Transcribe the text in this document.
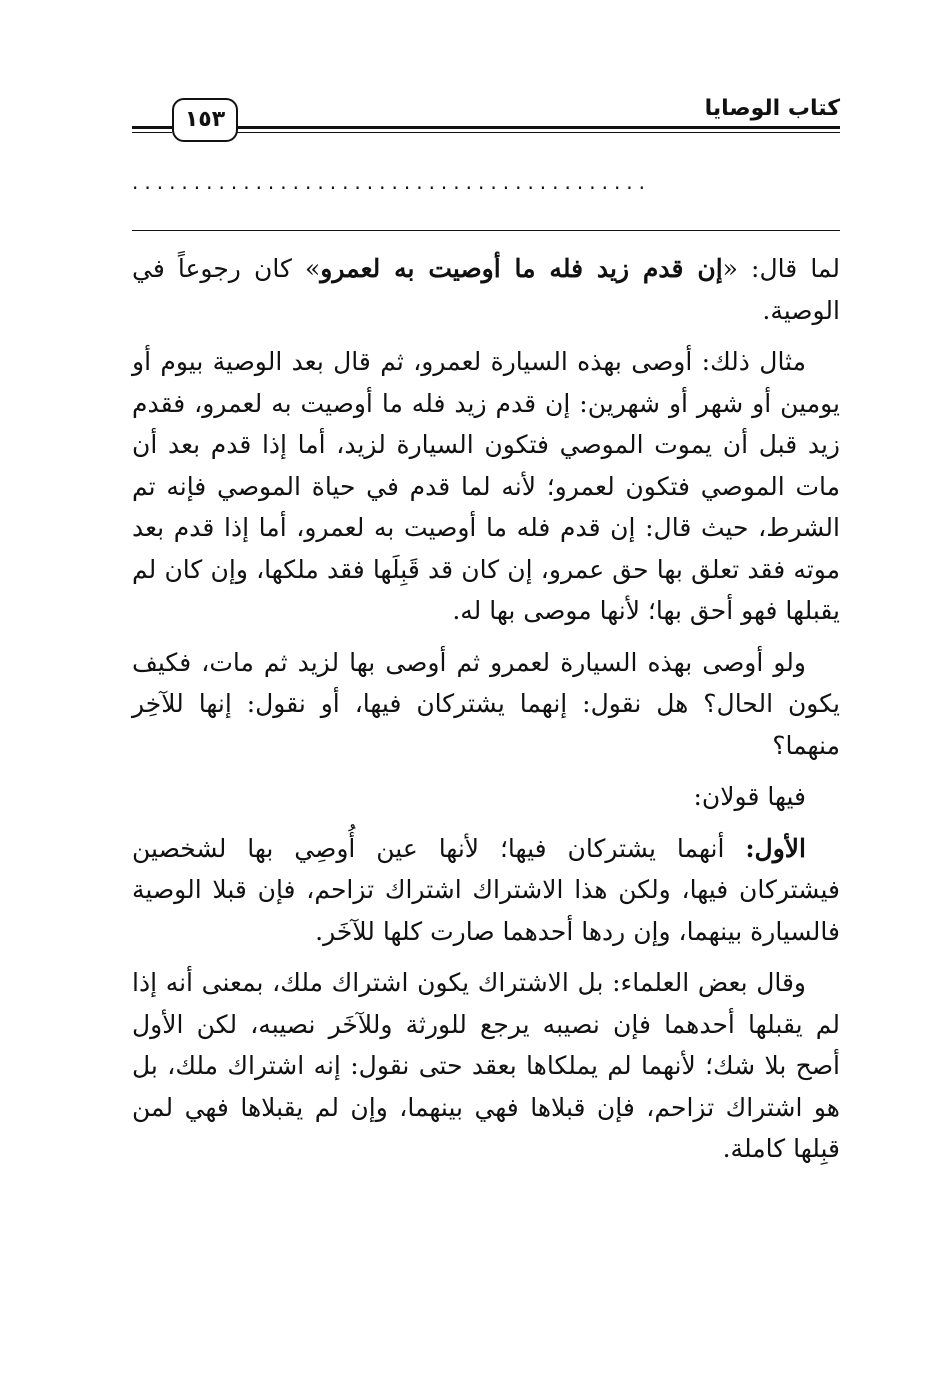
كتاب الوصايا
١٥٣
..........................................

لما قال: «إن قدم زيد فله ما أوصيت به لعمرو» كان رجوعاً في الوصية.

مثال ذلك: أوصى بهذه السيارة لعمرو، ثم قال بعد الوصية بيوم أو يومين أو شهر أو شهرين: إن قدم زيد فله ما أوصيت به لعمرو، فقدم زيد قبل أن يموت الموصي فتكون السيارة لزيد، أما إذا قدم بعد أن مات الموصي فتكون لعمرو؛ لأنه لما قدم في حياة الموصي فإنه تم الشرط، حيث قال: إن قدم فله ما أوصيت به لعمرو، أما إذا قدم بعد موته فقد تعلق بها حق عمرو، إن كان قد قَبِلَها فقد ملكها، وإن كان لم يقبلها فهو أحق بها؛ لأنها موصى بها له.

ولو أوصى بهذه السيارة لعمرو ثم أوصى بها لزيد ثم مات، فكيف يكون الحال؟ هل نقول: إنهما يشتركان فيها، أو نقول: إنها للآخِر منهما؟

فيها قولان:

الأول: أنهما يشتركان فيها؛ لأنها عين أُوصِي بها لشخصين فيشتركان فيها، ولكن هذا الاشتراك اشتراك تزاحم، فإن قبلا الوصية فالسيارة بينهما، وإن ردها أحدهما صارت كلها للآخَر.

وقال بعض العلماء: بل الاشتراك يكون اشتراك ملك، بمعنى أنه إذا لم يقبلها أحدهما فإن نصيبه يرجع للورثة وللآخَر نصيبه، لكن الأول أصح بلا شك؛ لأنهما لم يملكاها بعقد حتى نقول: إنه اشتراك ملك، بل هو اشتراك تزاحم، فإن قبلاها فهي بينهما، وإن لم يقبلاها فهي لمن قبِلها كاملة.
